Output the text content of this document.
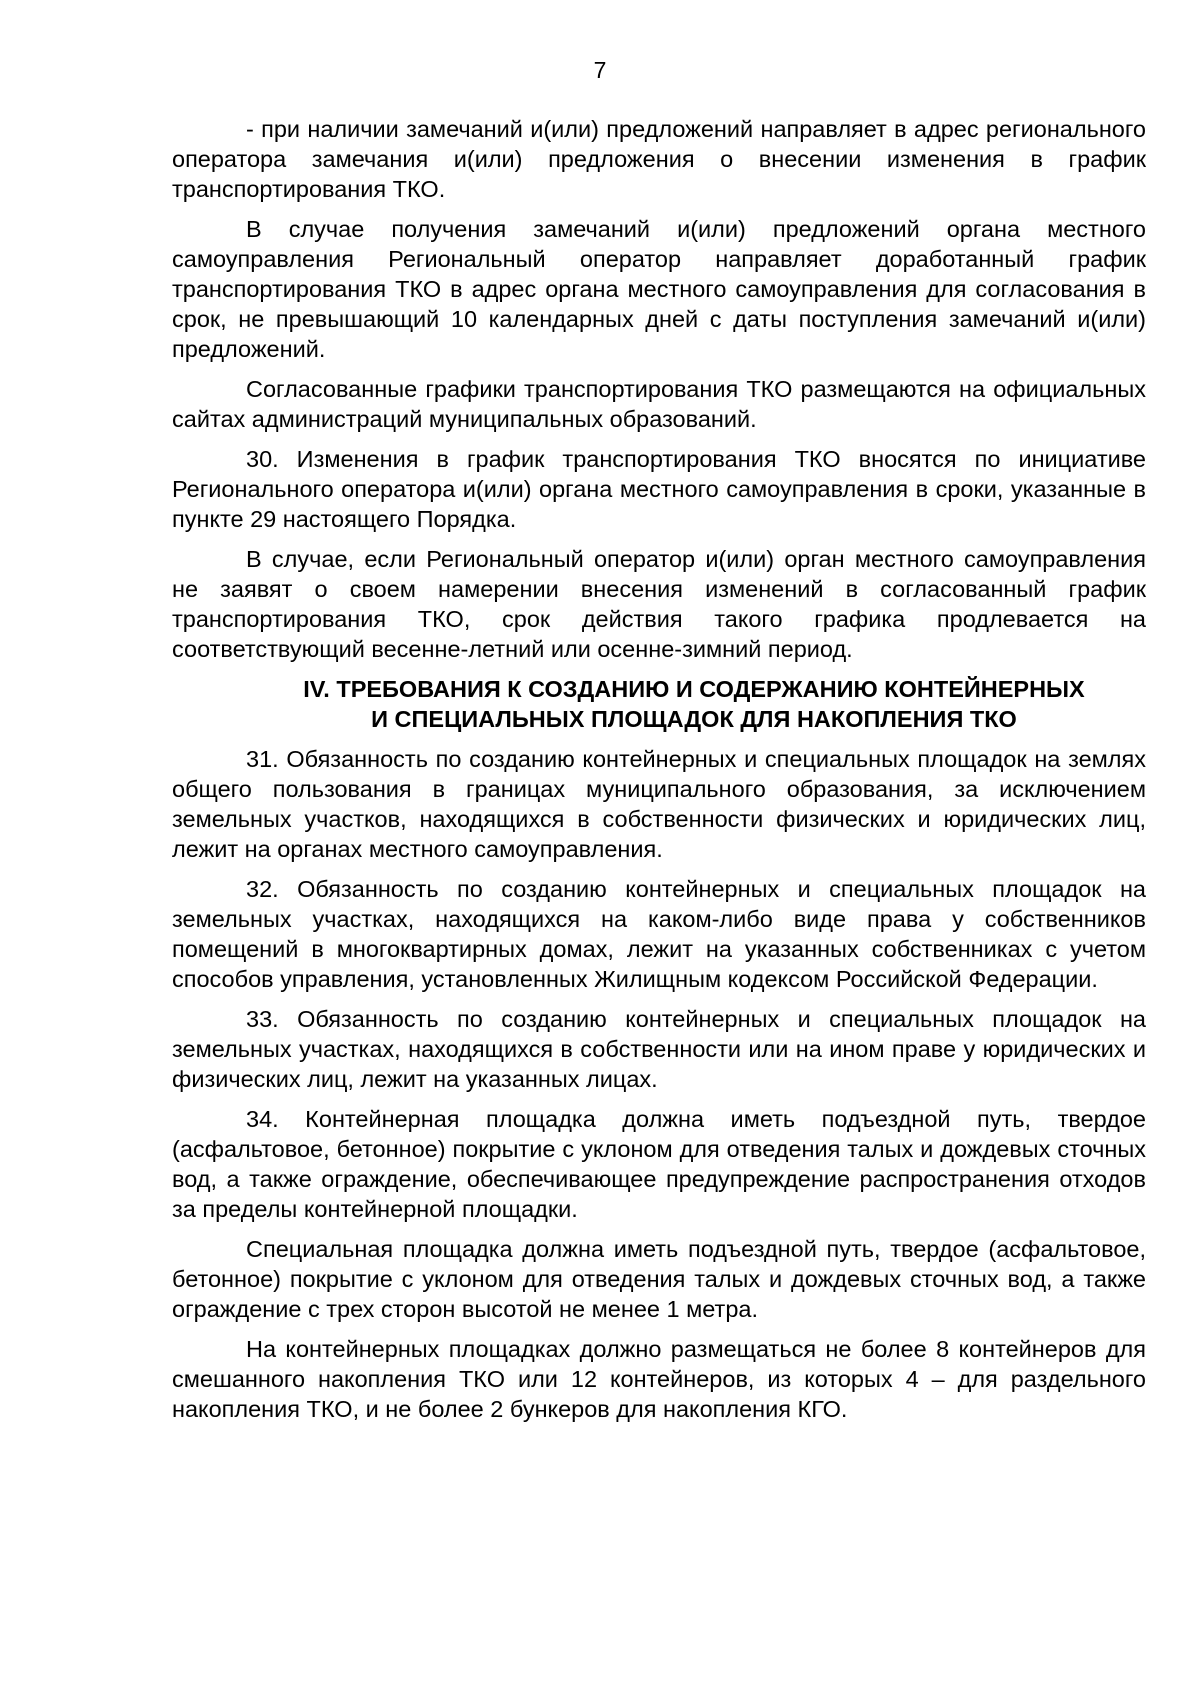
7

- при наличии замечаний и(или) предложений направляет в адрес регионального оператора замечания и(или) предложения о внесении изменения в график транспортирования ТКО.

В случае получения замечаний и(или) предложений органа местного самоуправления Региональный оператор направляет доработанный график транспортирования ТКО в адрес органа местного самоуправления для согласования в срок, не превышающий 10 календарных дней с даты поступления замечаний и(или) предложений.

Согласованные графики транспортирования ТКО размещаются на официальных сайтах администраций муниципальных образований.

30. Изменения в график транспортирования ТКО вносятся по инициативе Регионального оператора и(или) органа местного самоуправления в сроки, указанные в пункте 29 настоящего Порядка.

В случае, если Региональный оператор и(или) орган местного самоуправления не заявят о своем намерении внесения изменений в согласованный график транспортирования ТКО, срок действия такого графика продлевается на соответствующий весенне-летний или осенне-зимний период.

IV. ТРЕБОВАНИЯ К СОЗДАНИЮ И СОДЕРЖАНИЮ КОНТЕЙНЕРНЫХ
И СПЕЦИАЛЬНЫХ ПЛОЩАДОК ДЛЯ НАКОПЛЕНИЯ ТКО

31. Обязанность по созданию контейнерных и специальных площадок на землях общего пользования в границах муниципального образования, за исключением земельных участков, находящихся в собственности физических и юридических лиц, лежит на органах местного самоуправления.

32. Обязанность по созданию контейнерных и специальных площадок на земельных участках, находящихся на каком-либо виде права у собственников помещений в многоквартирных домах, лежит на указанных собственниках с учетом способов управления, установленных Жилищным кодексом Российской Федерации.

33. Обязанность по созданию контейнерных и специальных площадок на земельных участках, находящихся в собственности или на ином праве у юридических и физических лиц, лежит на указанных лицах.

34. Контейнерная площадка должна иметь подъездной путь, твердое (асфальтовое, бетонное) покрытие с уклоном для отведения талых и дождевых сточных вод, а также ограждение, обеспечивающее предупреждение распространения отходов за пределы контейнерной площадки.

Специальная площадка должна иметь подъездной путь, твердое (асфальтовое, бетонное) покрытие с уклоном для отведения талых и дождевых сточных вод, а также ограждение с трех сторон высотой не менее 1 метра.

На контейнерных площадках должно размещаться не более 8 контейнеров для смешанного накопления ТКО или 12 контейнеров, из которых 4 – для раздельного накопления ТКО, и не более 2 бункеров для накопления КГО.
